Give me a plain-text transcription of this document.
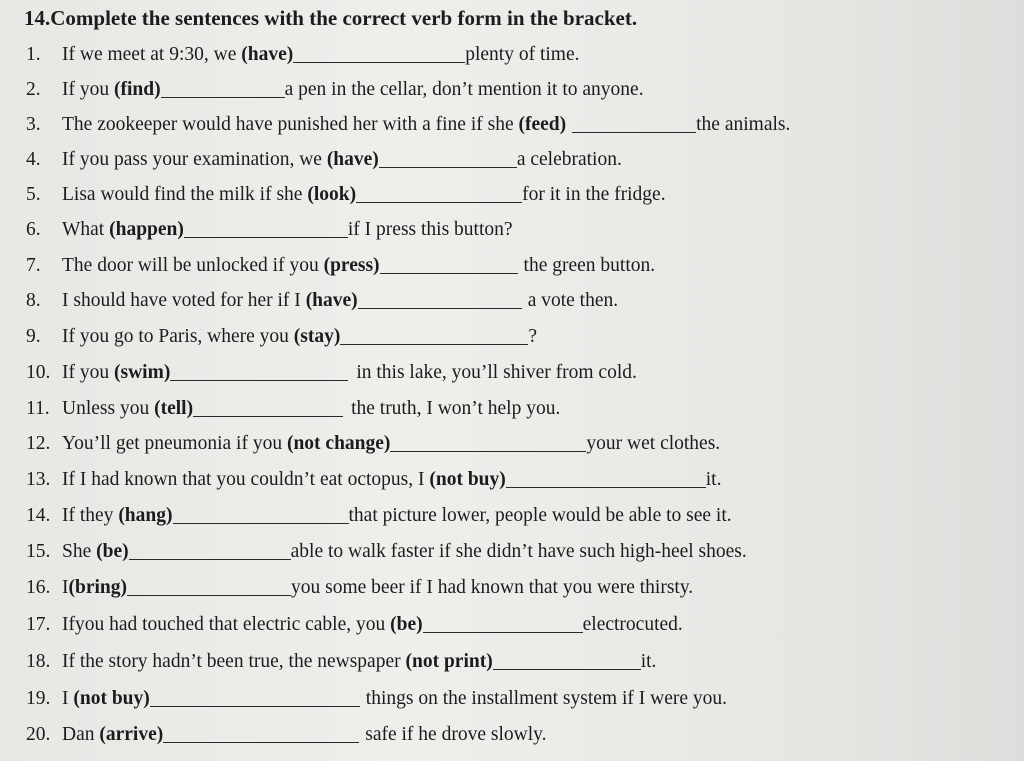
14.Complete the sentences with the correct verb form in the bracket.

1. If we meet at 9:30, we (have)	plenty of time.
2. If you (find)	a pen in the cellar, don’t mention it to anyone.
3. The zookeeper would have punished her with a fine if she (feed)	the animals.
4. If you pass your examination, we (have)	a celebration.
5. Lisa would find the milk if she (look)	for it in the fridge.
6. What (happen)	if I press this button?
7. The door will be unlocked if you (press)	the green button.
8. I should have voted for her if I (have)	a vote then.
9. If you go to Paris, where you (stay)	?
10. If you (swim)	in this lake, you’ll shiver from cold.
11. Unless you (tell)	the truth, I won’t help you.
12. You’ll get pneumonia if you (not change)	your wet clothes.
13. If I had known that you couldn’t eat octopus, I (not buy)	it.
14. If they (hang)	that picture lower, people would be able to see it.
15. She (be)	able to walk faster if she didn’t have such high-heel shoes.
16. I(bring)	you some beer if I had known that you were thirsty.
17. Ifyou had touched that electric cable, you (be)	electrocuted.
18. If the story hadn’t been true, the newspaper (not print)	it.
19. I (not buy)	things on the installment system if I were you.
20. Dan (arrive)	safe if he drove slowly.
